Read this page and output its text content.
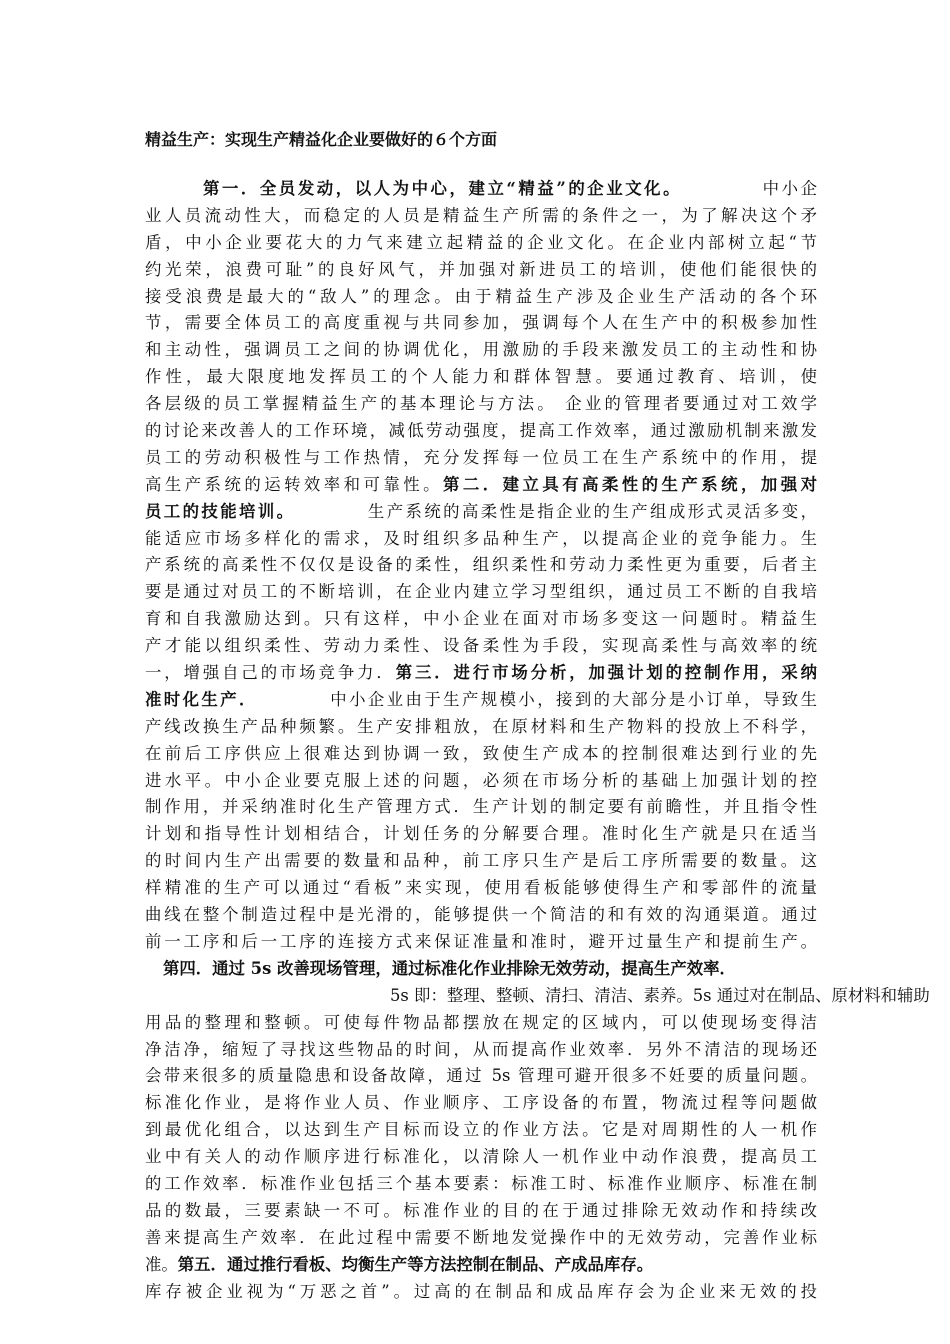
精益生产：实现生产精益化企业要做好的６个方面
第一．全员发动，以人为中心，建立“精益”的企业文化。	中小企
业人员流动性大，而稳定的人员是精益生产所需的条件之一，为了解决这个矛
盾，中小企业要花大的力气来建立起精益的企业文化。在企业内部树立起“节
约光荣，浪费可耻”的良好风气，并加强对新进员工的培训，使他们能很快的
接受浪费是最大的“敌人”的理念。由于精益生产涉及企业生产活动的各个环
节，需要全体员工的高度重视与共同参加，强调每个人在生产中的积极参加性
和主动性，强调员工之间的协调优化，用激励的手段来激发员工的主动性和协
作性，最大限度地发挥员工的个人能力和群体智慧。要通过教育、培训，使
各层级的员工掌握精益生产的基本理论与方法。 企业的管理者要通过对工效学
的讨论来改善人的工作环境，减低劳动强度，提高工作效率，通过激励机制来激发
员工的劳动积极性与工作热情，充分发挥每一位员工在生产系统中的作用，提
高生产系统的运转效率和可靠性。第二．建立具有高柔性的生产系统，加强对
员工的技能培训。	生产系统的高柔性是指企业的生产组成形式灵活多变，
能适应市场多样化的需求，及时组织多品种生产，以提高企业的竞争能力。生
产系统的高柔性不仅仅是设备的柔性，组织柔性和劳动力柔性更为重要，后者主
要是通过对员工的不断培训，在企业内建立学习型组织，通过员工不断的自我培
育和自我激励达到。只有这样，中小企业在面对市场多变这一问题时。精益生
产才能以组织柔性、劳动力柔性、设备柔性为手段，实现高柔性与高效率的统
一，增强自己的市场竞争力．第三．进行市场分析，加强计划的控制作用，采纳
准时化生产．	中小企业由于生产规模小，接到的大部分是小订单，导致生
产线改换生产品种频繁。生产安排粗放，在原材料和生产物料的投放上不科学，
在前后工序供应上很难达到协调一致，致使生产成本的控制很难达到行业的先
进水平。中小企业要克服上述的问题，必须在市场分析的基础上加强计划的控
制作用，并采纳准时化生产管理方式．生产计划的制定要有前瞻性，并且指令性
计划和指导性计划相结合，计划任务的分解要合理。准时化生产就是只在适当
的时间内生产出需要的数量和品种，前工序只生产是后工序所需要的数量。这
样精准的生产可以通过“看板”来实现，使用看板能够使得生产和零部件的流量
曲线在整个制造过程中是光滑的，能够提供一个简洁的和有效的沟通渠道。通过
前一工序和后一工序的连接方式来保证准量和准时，避开过量生产和提前生产。
第四．通过 5s 改善现场管理，通过标准化作业排除无效劳动，提高生产效率．
5s 即：整理、整顿、清扫、清洁、素养。5s 通过对在制品、原材料和辅助
用品的整理和整顿。可使每件物品都摆放在规定的区域内，可以使现场变得洁
净洁净，缩短了寻找这些物品的时间，从而提高作业效率．另外不清洁的现场还
会带来很多的质量隐患和设备故障，通过 5s 管理可避开很多不妊要的质量问题。
标准化作业，是将作业人员、作业顺序、工序设备的布置，物流过程等问题做
到最优化组合，以达到生产目标而设立的作业方法。它是对周期性的人一机作
业中有关人的动作顺序进行标准化，以清除人一机作业中动作浪费，提高员工
的工作效率．标准作业包括三个基本要素：标准工时、标准作业顺序、标准在制
品的数最，三要素缺一不可。标准作业的目的在于通过排除无效动作和持续改
善来提高生产效率．在此过程中需要不断地发觉操作中的无效劳动，完善作业标
准。第五．通过推行看板、均衡生产等方法控制在制品、产成品库存。
库存被企业视为“万恶之首”。过高的在制品和成品库存会为企业来无效的投
